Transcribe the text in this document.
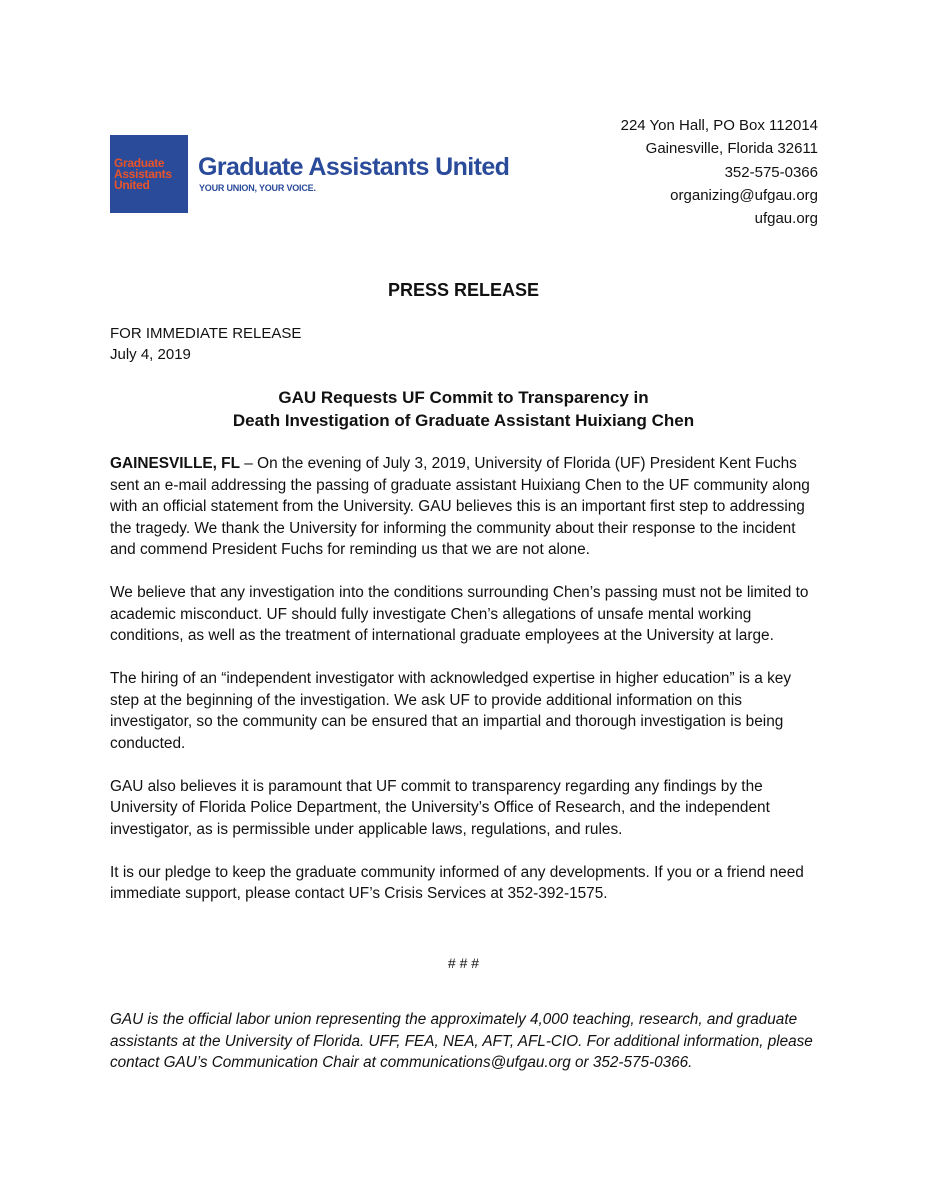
Graduate
Assistants
United
Graduate Assistants United
YOUR UNION, YOUR VOICE.
224 Yon Hall, PO Box 112014
Gainesville, Florida 32611
352-575-0366
organizing@ufgau.org
ufgau.org
PRESS RELEASE
FOR IMMEDIATE RELEASE
July 4, 2019
GAU Requests UF Commit to Transparency in
Death Investigation of Graduate Assistant Huixiang Chen

GAINESVILLE, FL – On the evening of July 3, 2019, University of Florida (UF) President Kent Fuchs sent an e-mail addressing the passing of graduate assistant Huixiang Chen to the UF community along with an official statement from the University. GAU believes this is an important first step to addressing the tragedy. We thank the University for informing the community about their response to the incident and commend President Fuchs for reminding us that we are not alone.

We believe that any investigation into the conditions surrounding Chen’s passing must not be limited to academic misconduct. UF should fully investigate Chen’s allegations of unsafe mental working conditions, as well as the treatment of international graduate employees at the University at large.

The hiring of an “independent investigator with acknowledged expertise in higher education” is a key step at the beginning of the investigation. We ask UF to provide additional information on this investigator, so the community can be ensured that an impartial and thorough investigation is being conducted.

GAU also believes it is paramount that UF commit to transparency regarding any findings by the University of Florida Police Department, the University’s Office of Research, and the independent investigator, as is permissible under applicable laws, regulations, and rules.

It is our pledge to keep the graduate community informed of any developments. If you or a friend need immediate support, please contact UF’s Crisis Services at 352-392-1575.

# # #
GAU is the official labor union representing the approximately 4,000 teaching, research, and graduate assistants at the University of Florida. UFF, FEA, NEA, AFT, AFL-CIO. For additional information, please contact GAU’s Communication Chair at communications@ufgau.org or 352-575-0366.
